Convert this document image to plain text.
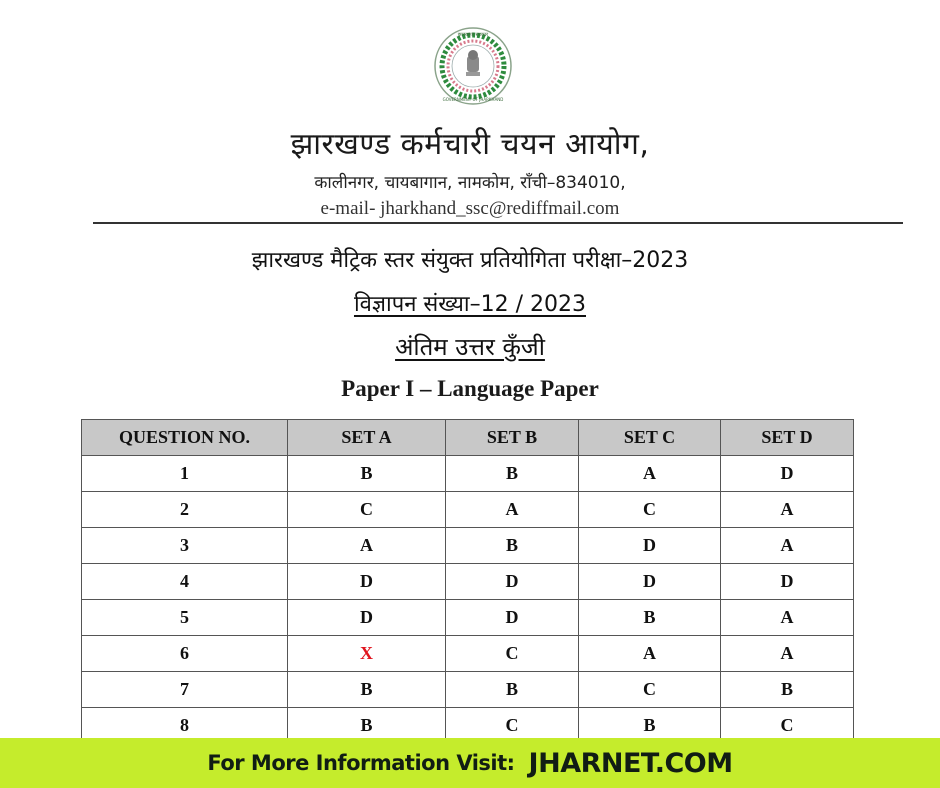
झारखण्ड सरकार
GOVERNMENT OF JHARKHAND
झारखण्ड कर्मचारी चयन आयोग,
कालीनगर, चायबागान, नामकोम, राँची–834010,
e-mail- jharkhand_ssc@rediffmail.com
झारखण्ड मैट्रिक स्तर संयुक्त प्रतियोगिता परीक्षा–2023
विज्ञापन संख्या–12 / 2023
अंतिम उत्तर कुँजी
Paper I – Language Paper
QUESTION NO.	SET A	SET B	SET C	SET D
1	B	B	A	D
2	C	A	C	A
3	A	B	D	A
4	D	D	D	D
5	D	D	B	A
6	X	C	A	A
7	B	B	C	B
8	B	C	B	C
For More Information Visit: JHARNET.COM
